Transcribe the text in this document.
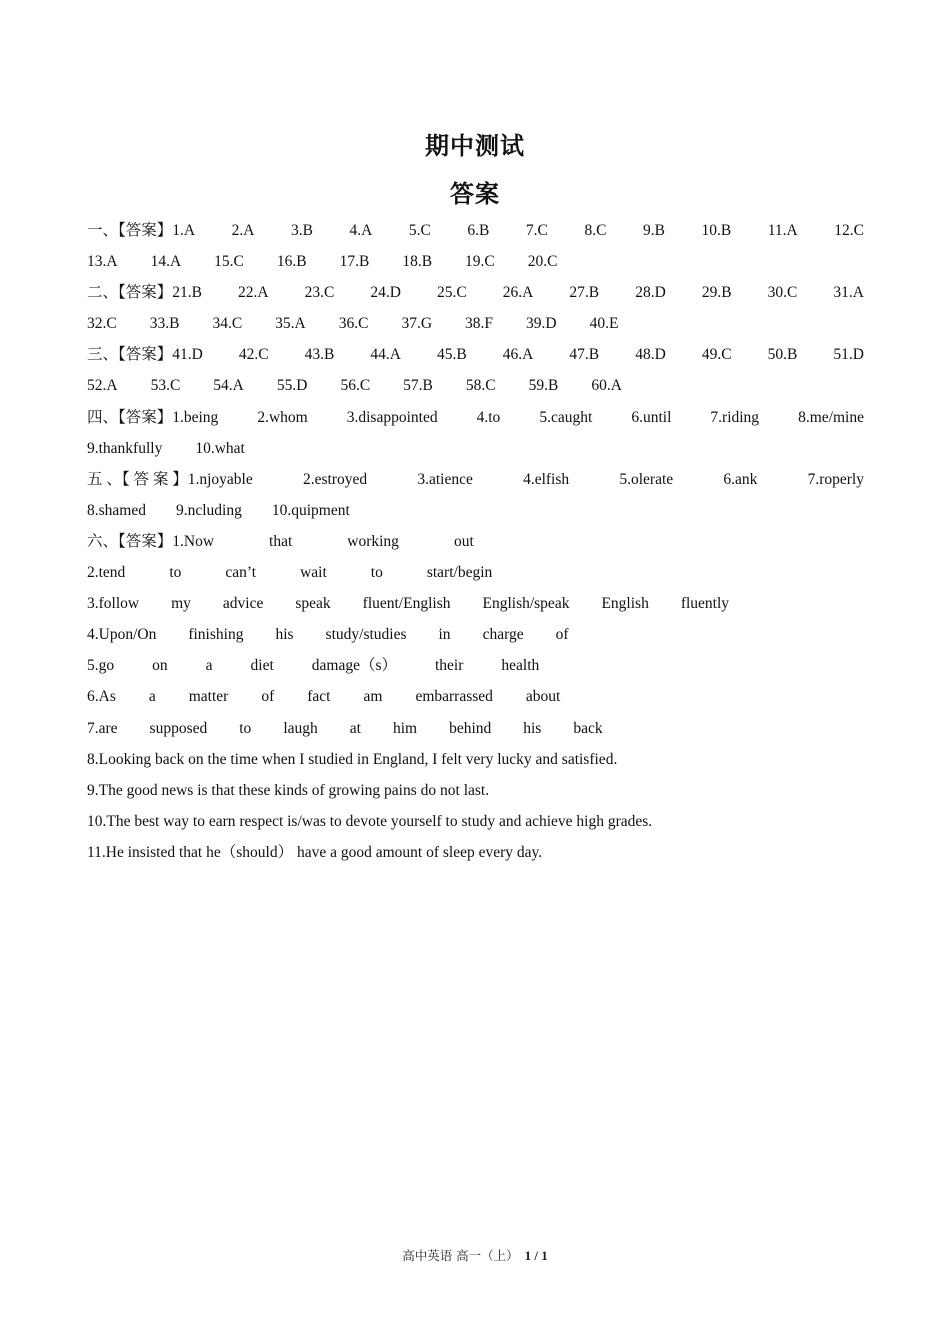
期中测试
答案
一、【答案】1.A 2.A 3.B 4.A 5.C 6.B 7.C 8.C 9.B 10.B 11.A 12.C
13.A 14.A 15.C 16.B 17.B 18.B 19.C 20.C
二、【答案】21.B 22.A 23.C 24.D 25.C 26.A 27.B 28.D 29.B 30.C 31.A
32.C 33.B 34.C 35.A 36.C 37.G 38.F 39.D 40.E
三、【答案】41.D 42.C 43.B 44.A 45.B 46.A 47.B 48.D 49.C 50.B 51.D
52.A 53.C 54.A 55.D 56.C 57.B 58.C 59.B 60.A
四、【答案】1.being	2.whom	3.disappointed	4.to	5.caught	6.until	7.riding	8.me/mine
9.thankfully 10.what
五 、【 答 案 】1.njoyable	2.estroyed	3.atience	4.elfish	5.olerate	6.ank	7.roperly
8.shamed 9.ncluding 10.quipment
六、【答案】1.Now	that	working	out
2.tend	to	can’t	wait	to	start/begin
3.follow my advice speak fluent/English English/speak English fluently
4.Upon/On finishing his study/studies in charge of
5.go on a diet damage（s） their health
6.As a matter of fact am embarrassed about
7.are supposed to laugh at him behind his back
8.Looking back on the time when I studied in England, I felt very lucky and satisfied.
9.The good news is that these kinds of growing pains do not last.
10.The best way to earn respect is/was to devote yourself to study and achieve high grades.
11.He insisted that he（should） have a good amount of sleep every day.
高中英语 高一（上） 1 / 1
